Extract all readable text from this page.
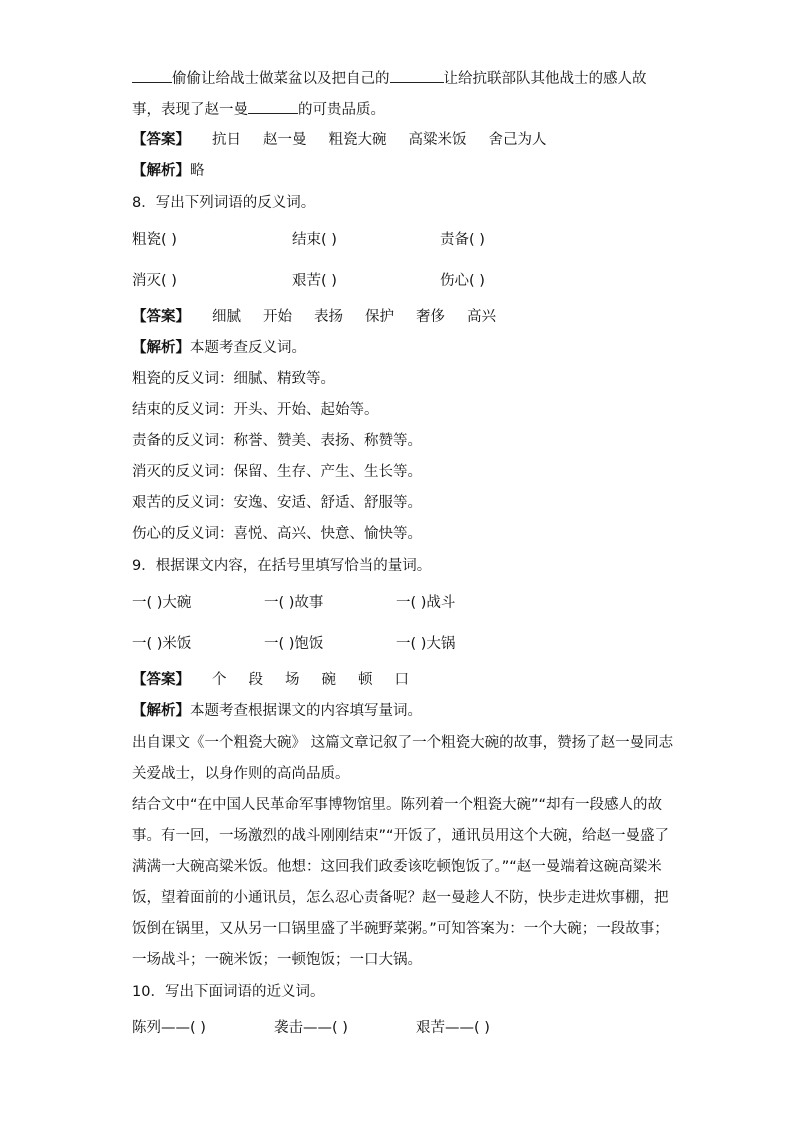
偷偷让给战士做菜盆以及把自己的	让给抗联部队其他战士的感人故
事，表现了赵一曼	的可贵品质。
【答案】 抗日 赵一曼 粗瓷大碗 高粱米饭 舍己为人
【解析】略
8．写出下列词语的反义词。
粗瓷( )	结束( )	责备( )
消灭( )	艰苦( )	伤心( )
【答案】 细腻 开始 表扬 保护 奢侈 高兴
【解析】本题考查反义词。
粗瓷的反义词：细腻、精致等。
结束的反义词：开头、开始、起始等。
责备的反义词：称誉、赞美、表扬、称赞等。
消灭的反义词：保留、生存、产生、生长等。
艰苦的反义词：安逸、安适、舒适、舒服等。
伤心的反义词：喜悦、高兴、快意、愉快等。
9．根据课文内容，在括号里填写恰当的量词。
一( )大碗	一( )故事	一( )战斗
一( )米饭	一( )饱饭	一( )大锅
【答案】 个 段 场 碗 顿 口
【解析】本题考查根据课文的内容填写量词。
出自课文《一个粗瓷大碗》 这篇文章记叙了一个粗瓷大碗的故事，赞扬了赵一曼同志
关爱战士，以身作则的高尚品质。
结合文中“在中国人民革命军事博物馆里。陈列着一个粗瓷大碗”“却有一段感人的故
事。有一回，一场激烈的战斗刚刚结束”“开饭了，通讯员用这个大碗，给赵一曼盛了
满满一大碗高粱米饭。他想：这回我们政委该吃顿饱饭了。”“赵一曼端着这碗高粱米
饭，望着面前的小通讯员，怎么忍心责备呢？赵一曼趁人不防，快步走进炊事棚，把
饭倒在锅里，又从另一口锅里盛了半碗野菜粥。”可知答案为：一个大碗；一段故事；
一场战斗；一碗米饭；一顿饱饭；一口大锅。
10．写出下面词语的近义词。
陈列——( )	袭击——( )	艰苦——( )
